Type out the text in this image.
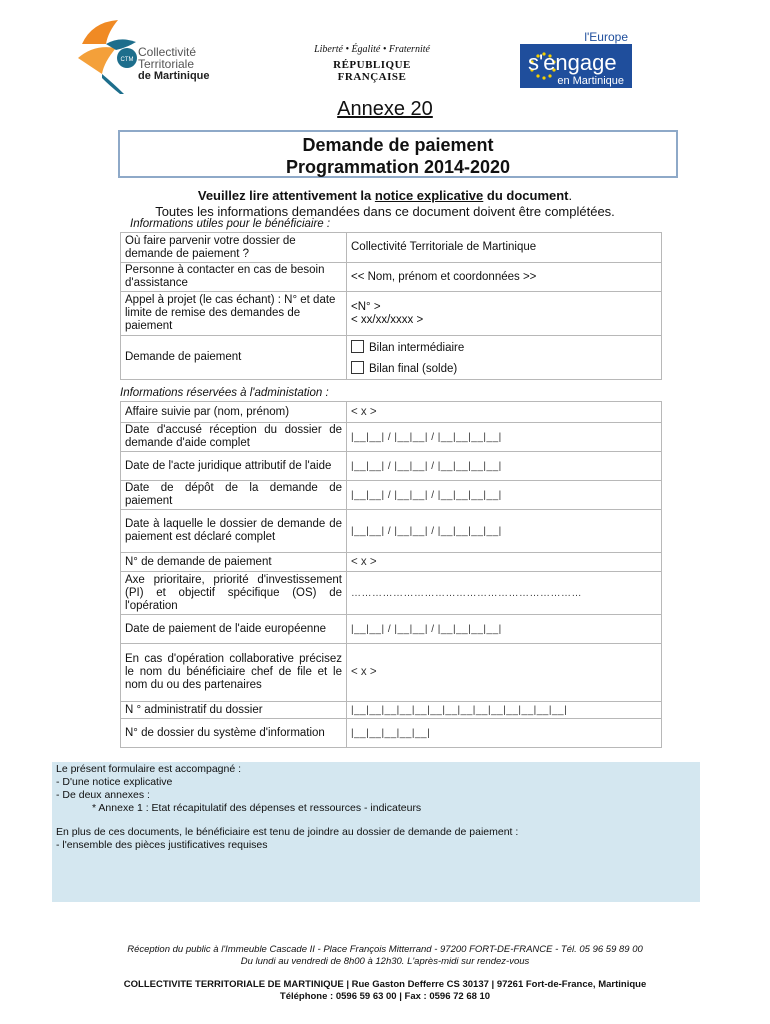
CTM
Collectivité
Territoriale
de Martinique
Liberté • Égalité • Fraternité
RÉPUBLIQUE FRANÇAISE
l'Europe
s'engage
en Martinique
Annexe 20
Demande de paiement
Programmation 2014-2020
Veuillez lire attentivement la notice explicative du document.
Toutes les informations demandées dans ce document doivent être complétées.
Informations utiles pour le bénéficiaire :
Où faire parvenir votre dossier de demande de paiement ?	Collectivité Territoriale de Martinique
Personne à contacter en cas de besoin d'assistance	<< Nom, prénom et coordonnées >>
Appel à projet (le cas échant) : N° et date limite de remise des demandes de paiement	<N° >
< xx/xx/xxxx >

Demande de paiement	Bilan intermédiaire
Bilan final (solde)
Informations réservées à l'administation :
Affaire suivie par (nom, prénom)	< x >
Date d'accusé réception du dossier de demande d'aide complet	|__|__| / |__|__| / |__|__|__|__|
Date de l'acte juridique attributif de l'aide	|__|__| / |__|__| / |__|__|__|__|
Date de dépôt de la demande de paiement	|__|__| / |__|__| / |__|__|__|__|
Date à laquelle le dossier de demande de paiement est déclaré complet	|__|__| / |__|__| / |__|__|__|__|
N° de demande de paiement	< x >
Axe prioritaire, priorité d'investissement (PI) et objectif spécifique (OS) de l'opération	…………………………………………………………
Date de paiement de l'aide européenne	|__|__| / |__|__| / |__|__|__|__|
En cas d'opération collaborative précisez le nom du bénéficiaire chef de file et le nom du ou des partenaires	< x >
N ° administratif du dossier	|__|__|__|__|__|__|__|__|__|__|__|__|__|__|
N° de dossier du système d'information	|__|__|__|__|__|
Le présent formulaire est accompagné :
- D'une notice explicative
- De deux annexes :
* Annexe 1 : Etat récapitulatif des dépenses et ressources - indicateurs
En plus de ces documents, le bénéficiaire est tenu de joindre au dossier de demande de paiement :
- l'ensemble des pièces justificatives requises
Réception du public à l'Immeuble Cascade II - Place François Mitterrand - 97200 FORT-DE-FRANCE - Tél. 05 96 59 89 00
Du lundi au vendredi de 8h00 à 12h30. L'après-midi sur rendez-vous
COLLECTIVITE TERRITORIALE DE MARTINIQUE | Rue Gaston Defferre CS 30137 | 97261 Fort-de-France, Martinique
Téléphone : 0596 59 63 00 | Fax : 0596 72 68 10
